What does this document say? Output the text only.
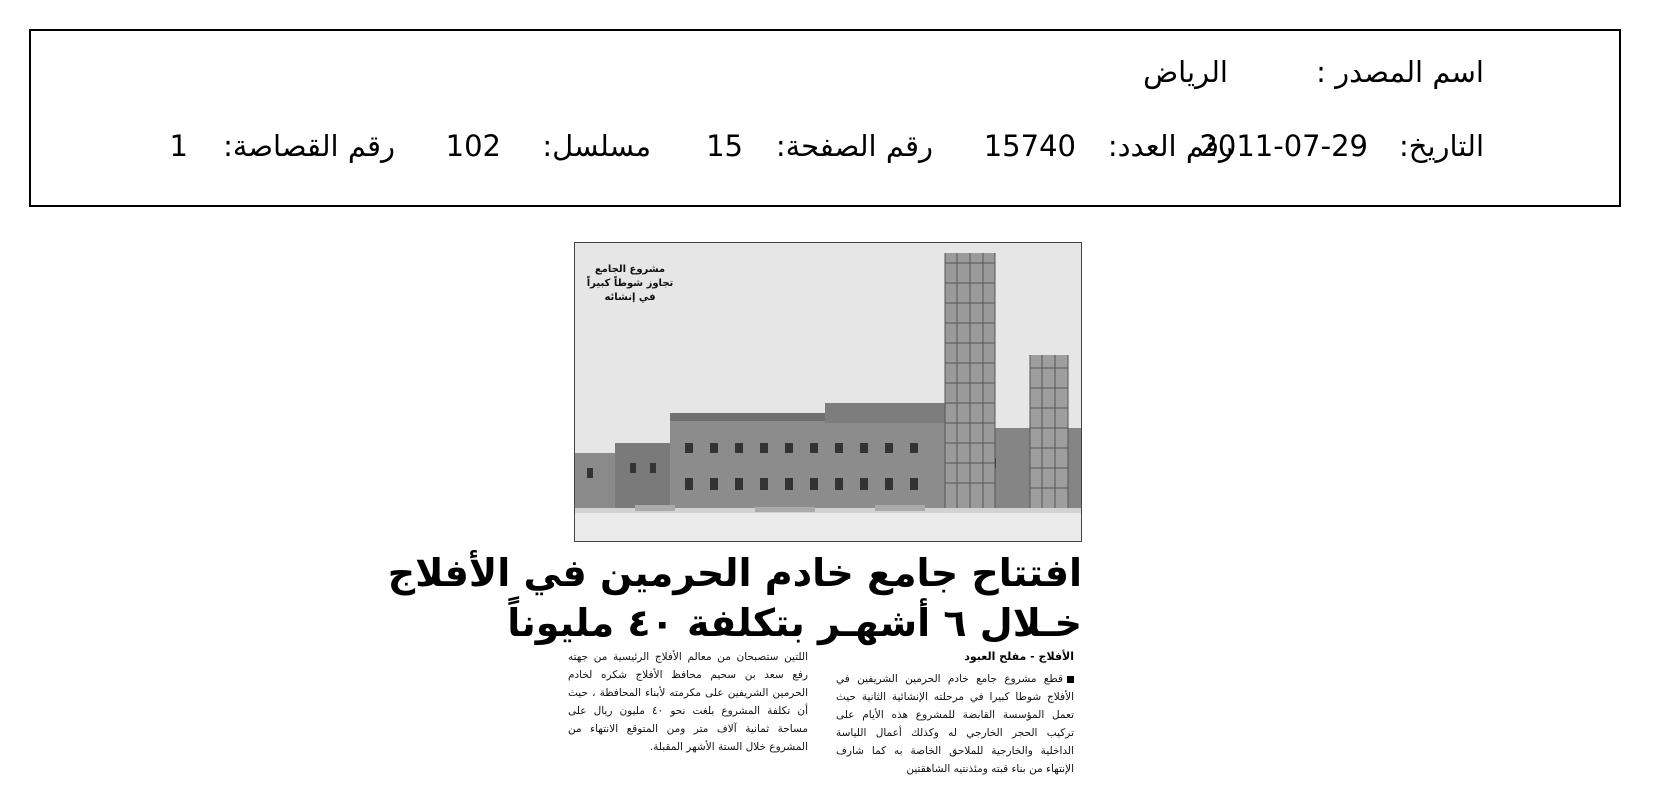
اسم المصدر :
الرياض
التاريخ:
2011-07-29
رقم العدد:
15740
رقم الصفحة:
15
مسلسل:
102
رقم القصاصة:
1
مشروع الجامع تجاوز شوطاً كبيراً في إنشائه
افتتاح جامع خادم الحرمين في الأفلاج
خـلال ٦ أشهـر بتكلفة ٤٠ مليوناً
الأفلاج - مفلح العبود
قطع مشروع جامع خادم الحرمين الشريفين في الأفلاج شوطا كبيرا في مرحلته الإنشائية الثانية حيث تعمل المؤسسة القابضة للمشروع هذه الأيام على تركيب الحجر الخارجي له وكذلك أعمال اللياسة الداخلية والخارجية للملاحق الخاصة به كما شارف الإنتهاء من بناء قبته ومئذنتيه الشاهقتين
اللتين ستصبحان من معالم الأفلاج الرئيسية من جهته رفع سعد بن سحيم محافظ الأفلاج شكره لخادم الحرمين الشريفين على مكرمته لأبناء المحافظة ، حيث أن تكلفة المشروع بلغت نحو ٤٠ مليون ريال على مساحة ثمانية آلاف متر ومن المتوقع الانتهاء من المشروع خلال الستة الأشهر المقبلة.
